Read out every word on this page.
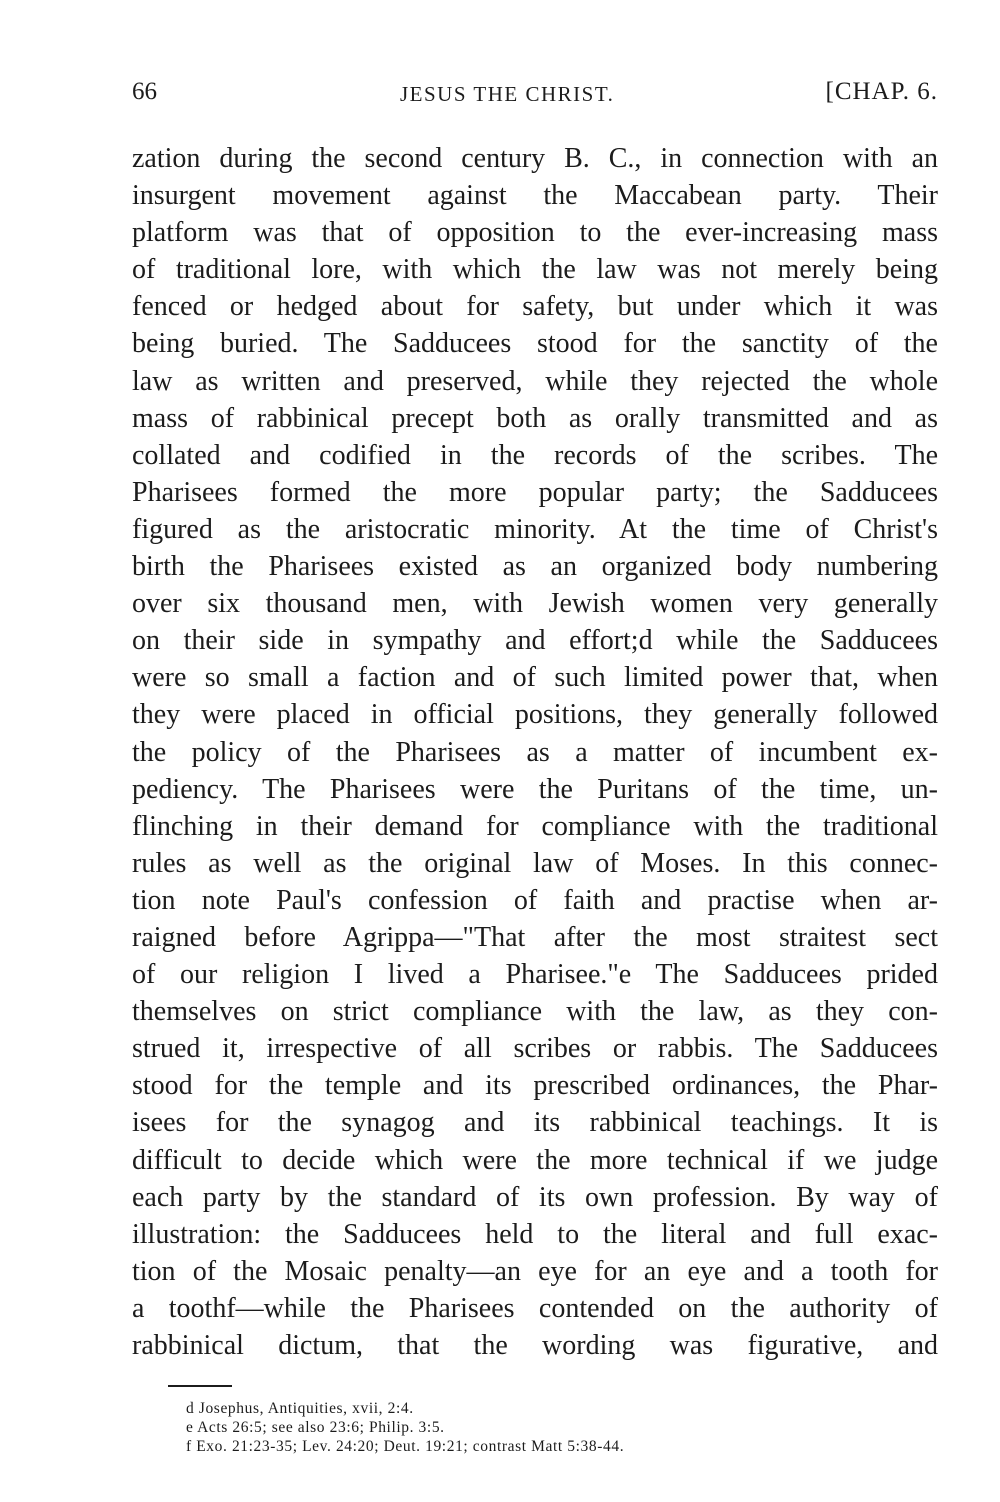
66	JESUS THE CHRIST.	[CHAP. 6.
zation during the second century B. C., in connection with an
insurgent movement against the Maccabean party. Their
platform was that of opposition to the ever-increasing mass
of traditional lore, with which the law was not merely being
fenced or hedged about for safety, but under which it was
being buried. The Sadducees stood for the sanctity of the
law as written and preserved, while they rejected the whole
mass of rabbinical precept both as orally transmitted and as
collated and codified in the records of the scribes. The
Pharisees formed the more popular party; the Sadducees
figured as the aristocratic minority. At the time of Christ's
birth the Pharisees existed as an organized body numbering
over six thousand men, with Jewish women very generally
on their side in sympathy and effort;d while the Sadducees
were so small a faction and of such limited power that, when
they were placed in official positions, they generally followed
the policy of the Pharisees as a matter of incumbent ex-
pediency. The Pharisees were the Puritans of the time, un-
flinching in their demand for compliance with the traditional
rules as well as the original law of Moses. In this connec-
tion note Paul's confession of faith and practise when ar-
raigned before Agrippa—"That after the most straitest sect
of our religion I lived a Pharisee."e The Sadducees prided
themselves on strict compliance with the law, as they con-
strued it, irrespective of all scribes or rabbis. The Sadducees
stood for the temple and its prescribed ordinances, the Phar-
isees for the synagog and its rabbinical teachings. It is
difficult to decide which were the more technical if we judge
each party by the standard of its own profession. By way of
illustration: the Sadducees held to the literal and full exac-
tion of the Mosaic penalty—an eye for an eye and a tooth for
a toothf—while the Pharisees contended on the authority of
rabbinical dictum, that the wording was figurative, and
d Josephus, Antiquities, xvii, 2:4.
e Acts 26:5; see also 23:6; Philip. 3:5.
f Exo. 21:23-35; Lev. 24:20; Deut. 19:21; contrast Matt 5:38-44.
